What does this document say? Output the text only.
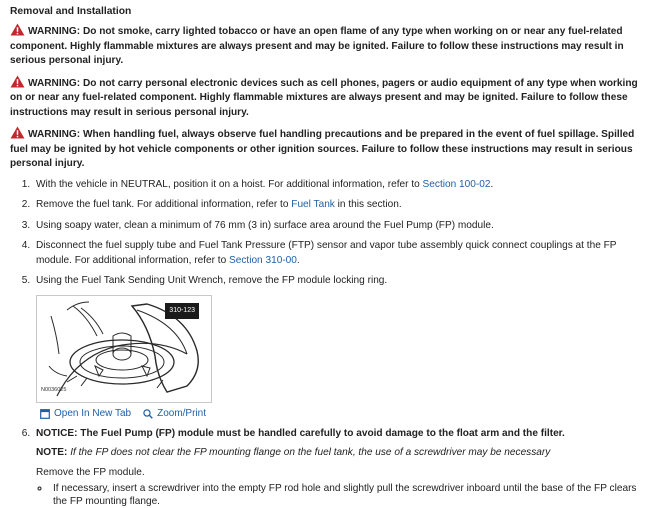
Removal and Installation
WARNING: Do not smoke, carry lighted tobacco or have an open flame of any type when working on or near any fuel-related component. Highly flammable mixtures are always present and may be ignited. Failure to follow these instructions may result in serious personal injury.
WARNING: Do not carry personal electronic devices such as cell phones, pagers or audio equipment of any type when working on or near any fuel-related component. Highly flammable mixtures are always present and may be ignited. Failure to follow these instructions may result in serious personal injury.
WARNING: When handling fuel, always observe fuel handling precautions and be prepared in the event of fuel spillage. Spilled fuel may be ignited by hot vehicle components or other ignition sources. Failure to follow these instructions may result in serious personal injury.
1. With the vehicle in NEUTRAL, position it on a hoist. For additional information, refer to Section 100-02.
2. Remove the fuel tank. For additional information, refer to Fuel Tank in this section.
3. Using soapy water, clean a minimum of 76 mm (3 in) surface area around the Fuel Pump (FP) module.
4. Disconnect the fuel supply tube and Fuel Tank Pressure (FTP) sensor and vapor tube assembly quick connect couplings at the FP module. For additional information, refer to Section 310-00.
5. Using the Fuel Tank Sending Unit Wrench, remove the FP module locking ring.
310-123
N0036025
Open In New Tab	Zoom/Print
6. NOTICE: The Fuel Pump (FP) module must be handled carefully to avoid damage to the float arm and the filter.
NOTE: If the FP does not clear the FP mounting flange on the fuel tank, the use of a screwdriver may be necessary
Remove the FP module.
◦ If necessary, insert a screwdriver into the empty FP rod hole and slightly pull the screwdriver inboard until the base of the FP clears the FP mounting flange.
